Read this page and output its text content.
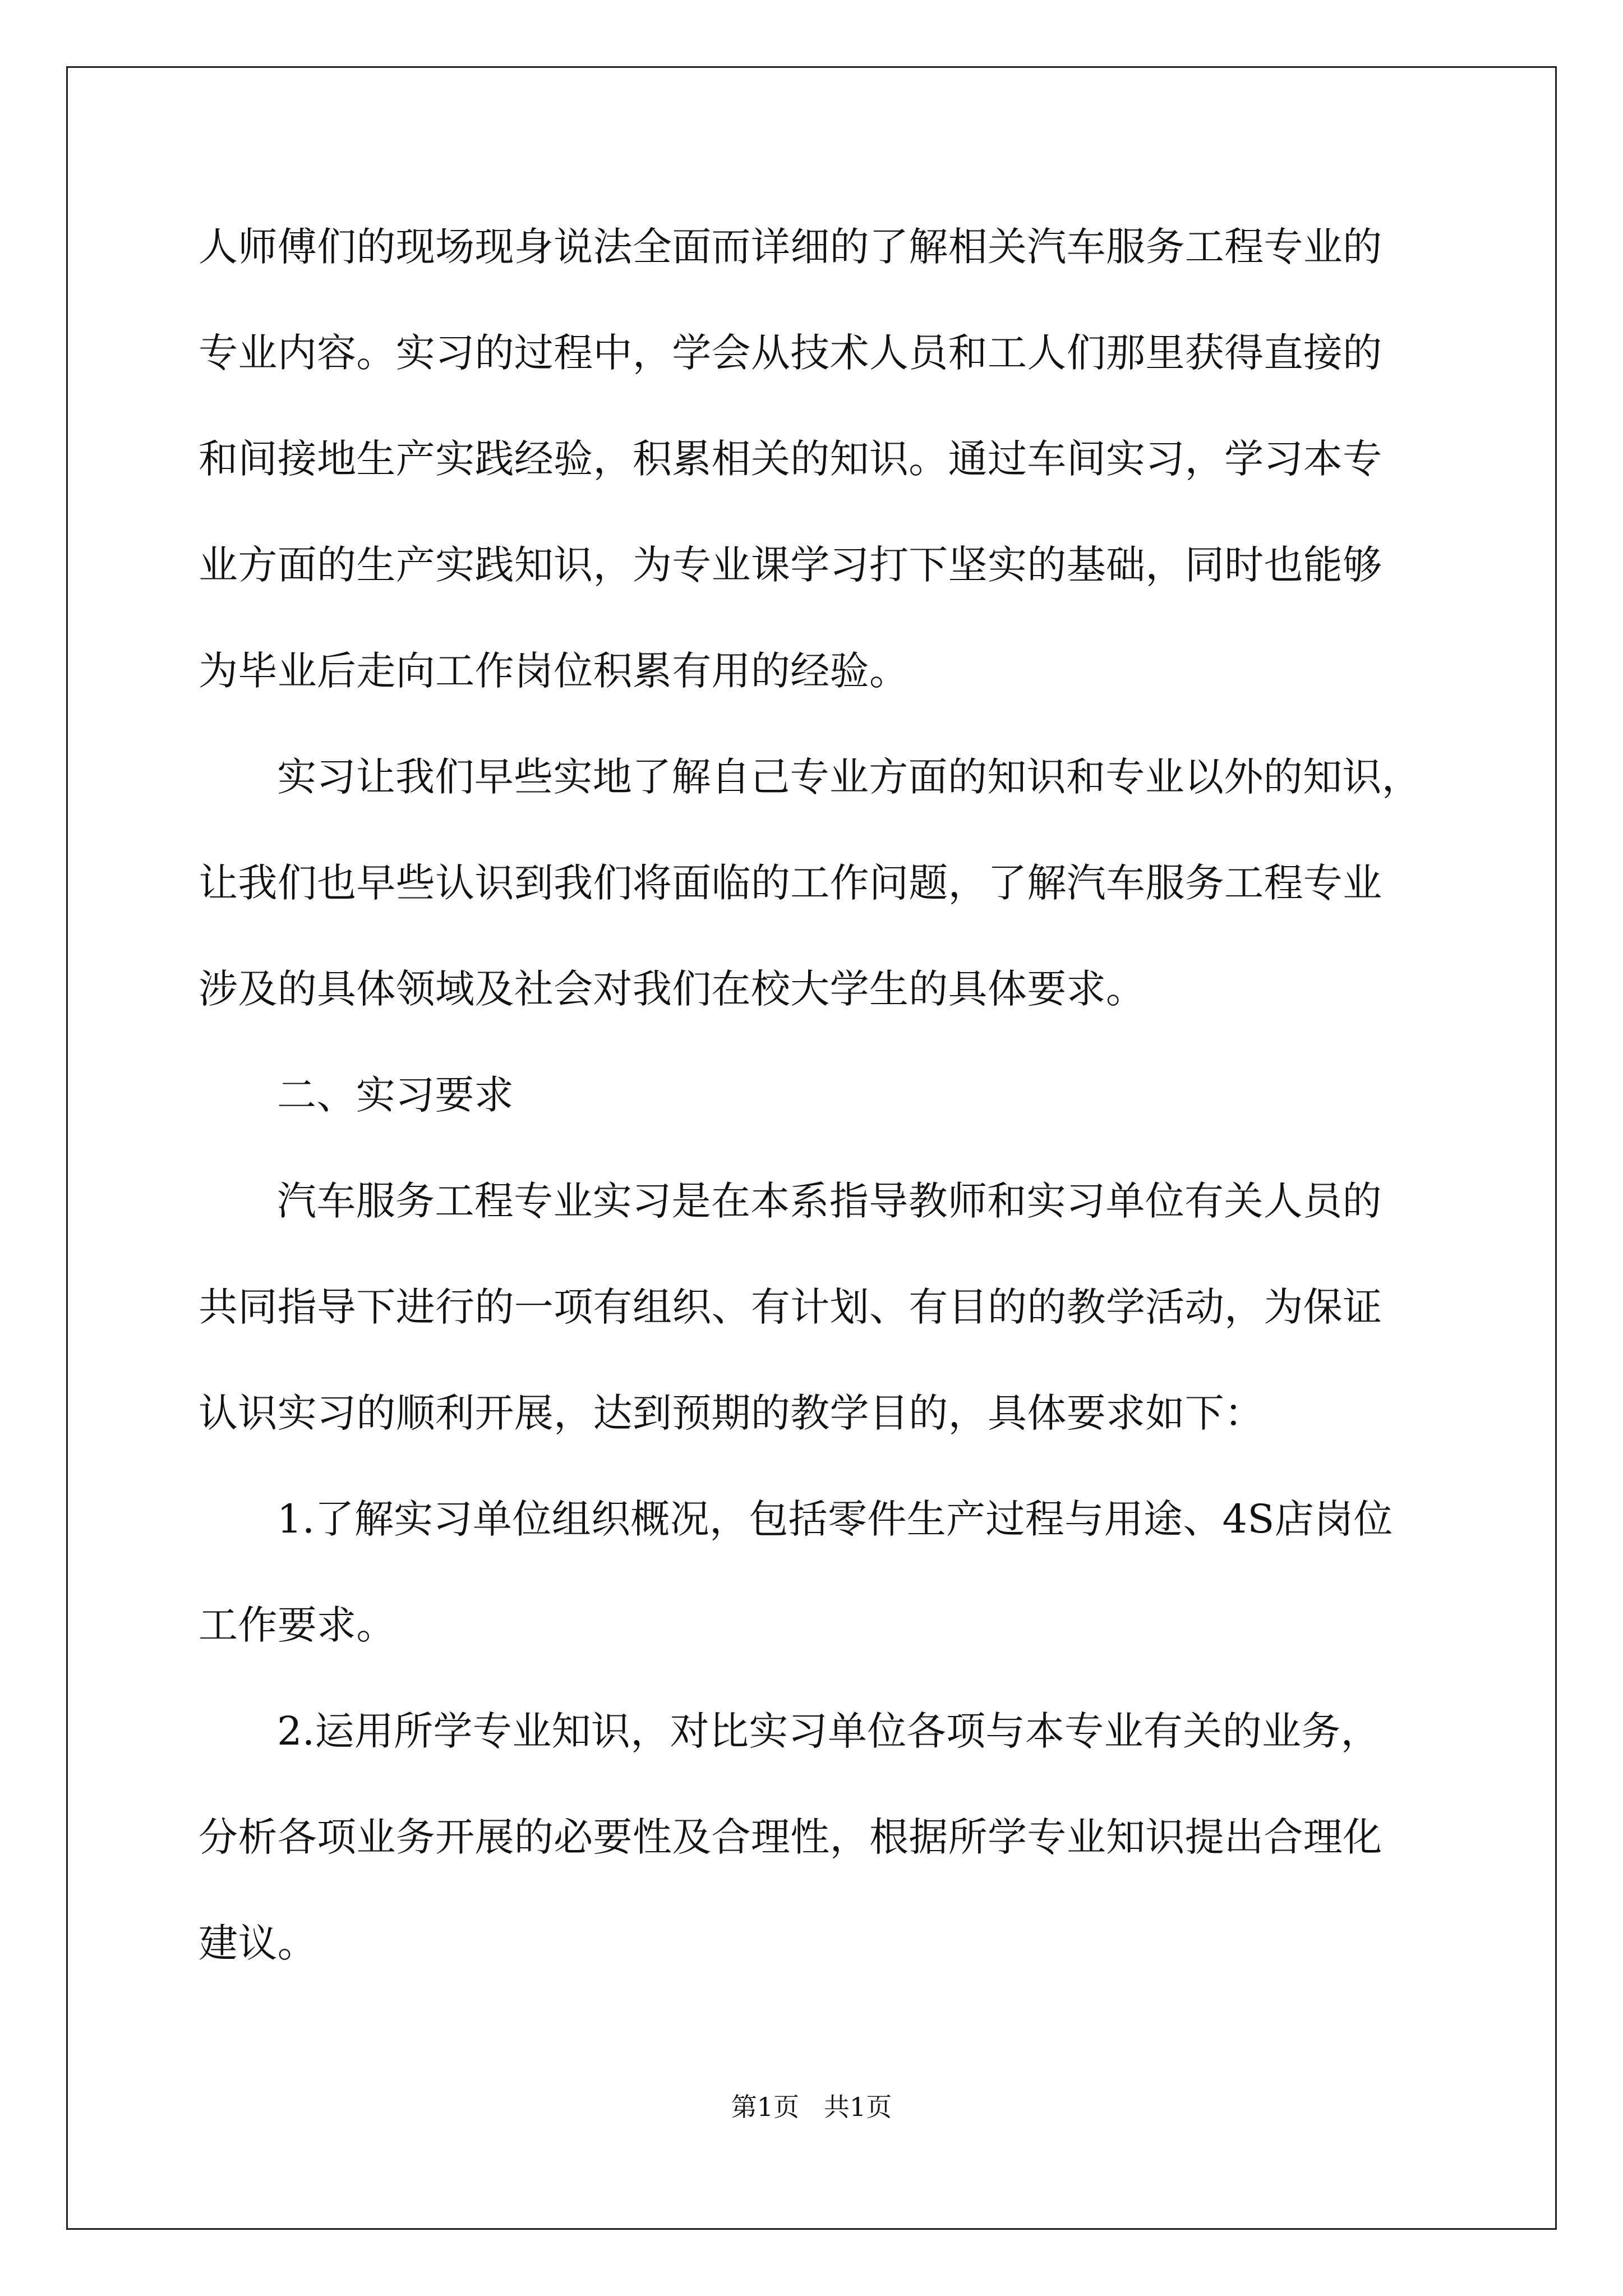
人师傅们的现场现身说法全面而详细的了解相关汽车服务工程专业的
专业内容。实习的过程中，学会从技术人员和工人们那里获得直接的
和间接地生产实践经验，积累相关的知识。通过车间实习，学习本专
业方面的生产实践知识，为专业课学习打下坚实的基础，同时也能够
为毕业后走向工作岗位积累有用的经验。
实习让我们早些实地了解自己专业方面的知识和专业以外的知识，
让我们也早些认识到我们将面临的工作问题，了解汽车服务工程专业
涉及的具体领域及社会对我们在校大学生的具体要求。
二、实习要求
汽车服务工程专业实习是在本系指导教师和实习单位有关人员的
共同指导下进行的一项有组织、有计划、有目的的教学活动，为保证
认识实习的顺利开展，达到预期的教学目的，具体要求如下：
1.了解实习单位组织概况，包括零件生产过程与用途、4S店岗位
工作要求。
2.运用所学专业知识，对比实习单位各项与本专业有关的业务，
分析各项业务开展的必要性及合理性，根据所学专业知识提出合理化
建议。
第1页   共1页
